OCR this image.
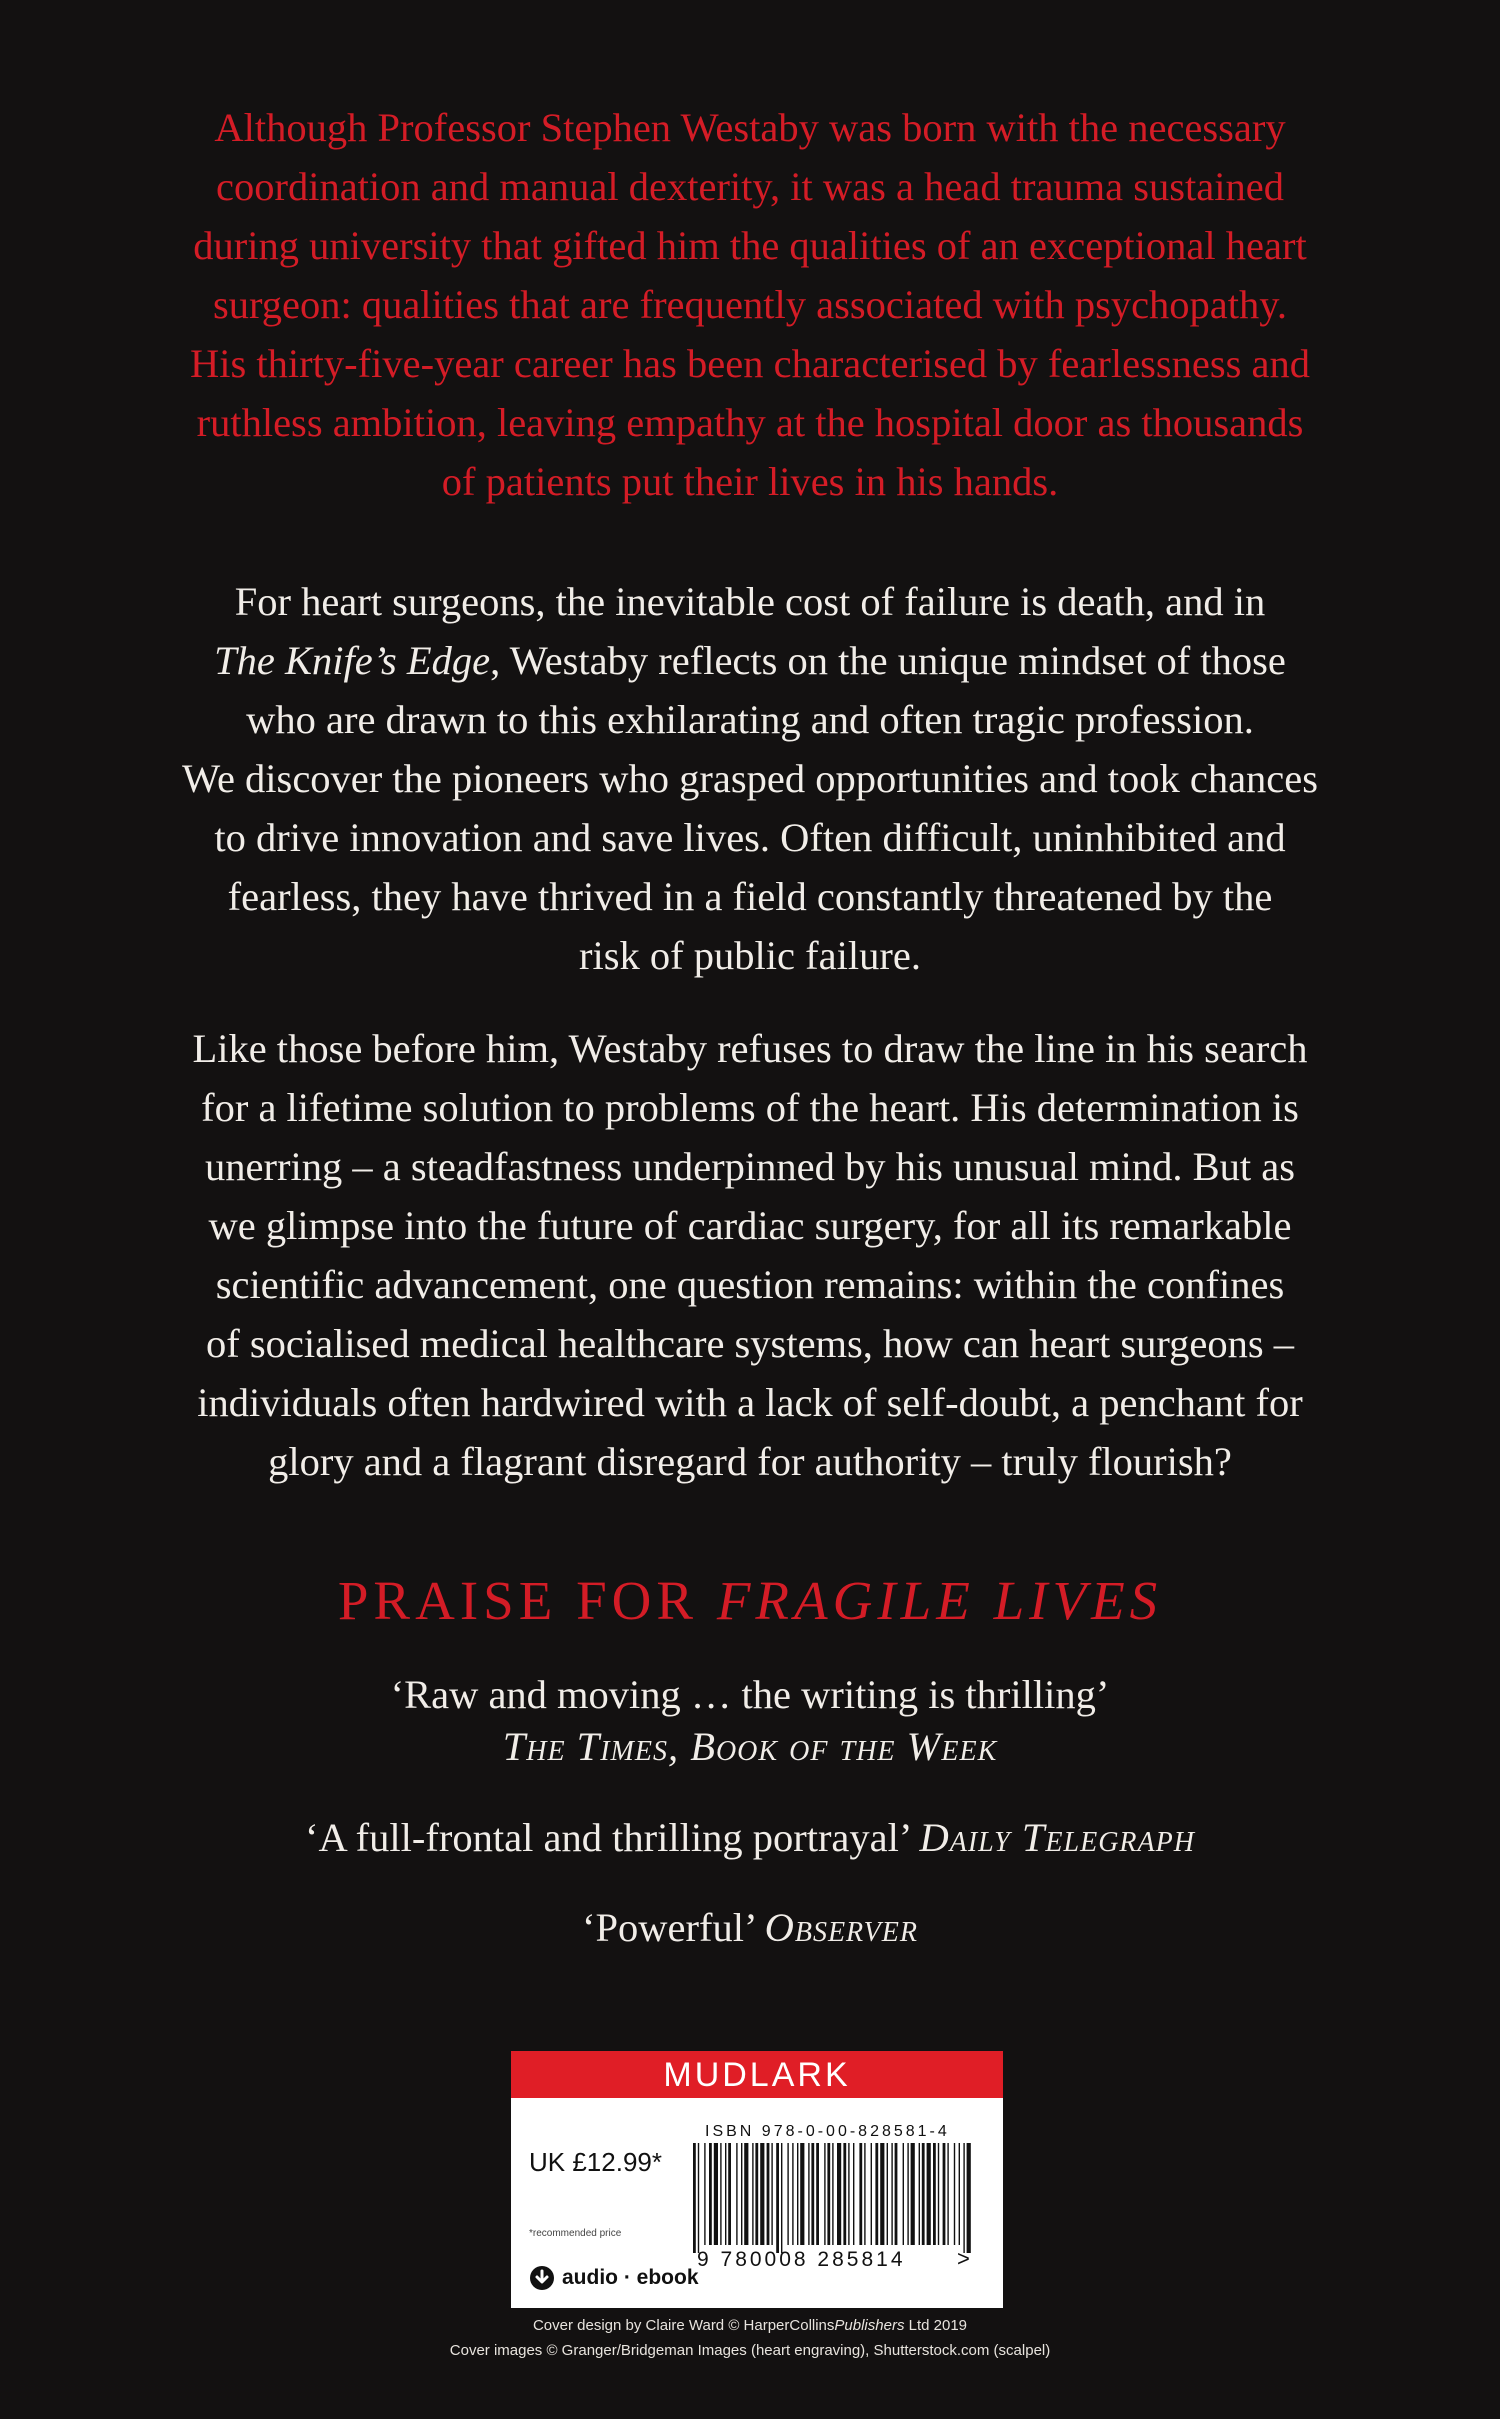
Although Professor Stephen Westaby was born with the necessary
coordination and manual dexterity, it was a head trauma sustained
during university that gifted him the qualities of an exceptional heart
surgeon: qualities that are frequently associated with psychopathy.
His thirty-five-year career has been characterised by fearlessness and
ruthless ambition, leaving empathy at the hospital door as thousands
of patients put their lives in his hands.
For heart surgeons, the inevitable cost of failure is death, and in
The Knife’s Edge, Westaby reflects on the unique mindset of those
who are drawn to this exhilarating and often tragic profession.
We discover the pioneers who grasped opportunities and took chances
to drive innovation and save lives. Often difficult, uninhibited and
fearless, they have thrived in a field constantly threatened by the
risk of public failure.
Like those before him, Westaby refuses to draw the line in his search
for a lifetime solution to problems of the heart. His determination is
unerring – a steadfastness underpinned by his unusual mind. But as
we glimpse into the future of cardiac surgery, for all its remarkable
scientific advancement, one question remains: within the confines
of socialised medical healthcare systems, how can heart surgeons –
individuals often hardwired with a lack of self-doubt, a penchant for
glory and a flagrant disregard for authority – truly flourish?
PRAISE FOR FRAGILE LIVES
‘Raw and moving … the writing is thrilling’
The Times, Book of the Week
‘A full-frontal and thrilling portrayal’ Daily Telegraph
‘Powerful’ Observer
MUDLARK
ISBN 978-0-00-828581-4
UK £12.99*
*recommended price
9 780008 285814 >
audio · ebook
Cover design by Claire Ward © HarperCollinsPublishers Ltd 2019
Cover images © Granger/Bridgeman Images (heart engraving), Shutterstock.com (scalpel)
